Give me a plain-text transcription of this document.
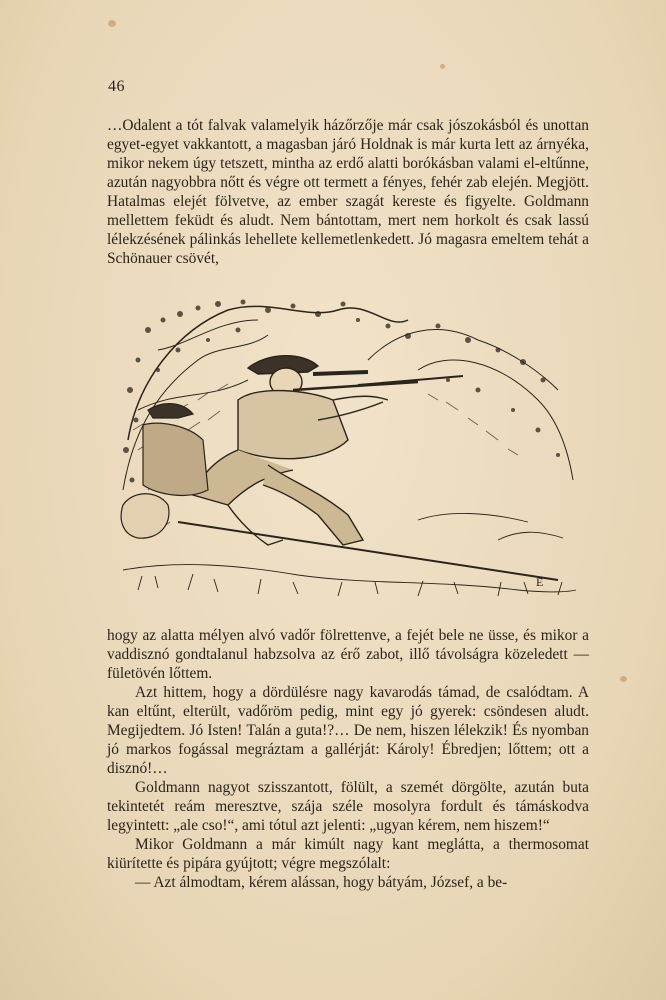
46

…Odalent a tót falvak valamelyik házőrzője már csak jószokásból és unottan egyet-egyet vakkantott, a magasban járó Holdnak is már kurta lett az árnyéka, mikor nekem úgy tetszett, mintha az erdő alatti borókásban valami el-eltűnne, azután nagyobbra nőtt és végre ott termett a fényes, fehér zab elején. Megjött. Hatalmas elejét fölvetve, az ember szagát kereste és figyelte. Goldmann mellettem feküdt és aludt. Nem bántottam, mert nem horkolt és csak lassú lélekzésének pálinkás lehellete kellemetlenkedett. Jó magasra emeltem tehát a Schönauer csövét,

E

hogy az alatta mélyen alvó vadőr fölrettenve, a fejét bele ne üsse, és mikor a vaddisznó gondtalanul habzsolva az érő zabot, illő távolságra közeledett — fületövén lőttem.

Azt hittem, hogy a dördülésre nagy kavarodás támad, de csalódtam. A kan eltűnt, elterült, vadőröm pedig, mint egy jó gyerek: csöndesen aludt. Megijedtem. Jó Isten! Talán a guta!?… De nem, hiszen lélekzik! És nyomban jó markos fogással megráztam a gallérját: Károly! Ébredjen; lőttem; ott a disznó!…

Goldmann nagyot szisszantott, fölült, a szemét dörgölte, azután buta tekintetét reám meresztve, szája széle mosolyra fordult és támáskodva legyintett: „ale cso!“, ami tótul azt jelenti: „ugyan kérem, nem hiszem!“

Mikor Goldmann a már kimúlt nagy kant meglátta, a thermosomat kiürítette és pipára gyújtott; végre megszólalt:

— Azt álmodtam, kérem alássan, hogy bátyám, József, a be-
